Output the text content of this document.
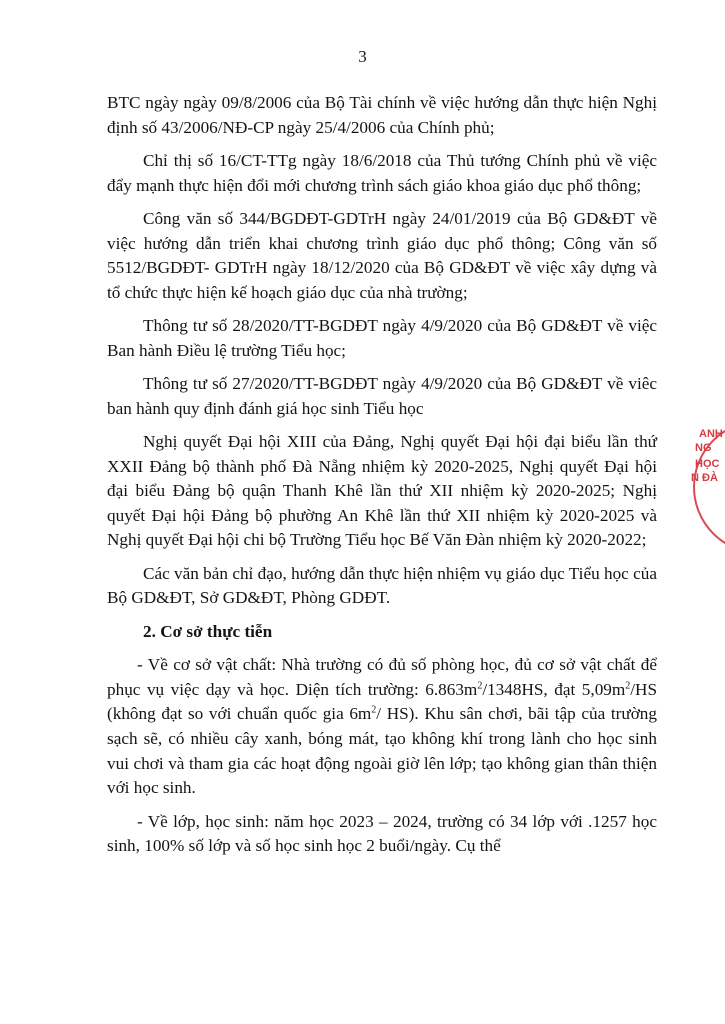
3

BTC ngày ngày 09/8/2006 của Bộ Tài chính về việc hướng dẫn thực hiện Nghị định số 43/2006/NĐ-CP ngày 25/4/2006 của Chính phủ;

Chỉ thị số 16/CT-TTg ngày 18/6/2018 của Thủ tướng Chính phủ về việc đẩy mạnh thực hiện đổi mới chương trình sách giáo khoa giáo dục phổ thông;

Công văn số 344/BGDĐT-GDTrH ngày 24/01/2019 của Bộ GD&ĐT về việc hướng dẫn triển khai chương trình giáo dục phổ thông; Công văn số 5512/BGDĐT- GDTrH ngày 18/12/2020 của Bộ GD&ĐT về việc xây dựng và tổ chức thực hiện kế hoạch giáo dục của nhà trường;

Thông tư số 28/2020/TT-BGDĐT ngày 4/9/2020 của Bộ GD&ĐT về việc Ban hành Điều lệ trường Tiểu học;

Thông tư số 27/2020/TT-BGDĐT ngày 4/9/2020 của Bộ GD&ĐT về viêc ban hành quy định đánh giá học sinh Tiểu học

Nghị quyết Đại hội XIII của Đảng, Nghị quyết Đại hội đại biểu lần thứ XXII Đảng bộ thành phố Đà Nẵng nhiệm kỳ 2020-2025, Nghị quyết Đại hội đại biểu Đảng bộ quận Thanh Khê lần thứ XII nhiệm kỳ 2020-2025; Nghị quyết Đại hội Đảng bộ phường An Khê lần thứ XII nhiệm kỳ 2020-2025 và Nghị quyết Đại hội chi bộ Trường Tiểu học Bế Văn Đàn nhiệm kỳ 2020-2022;

Các văn bản chỉ đạo, hướng dẫn thực hiện nhiệm vụ giáo dục Tiểu học của Bộ GD&ĐT, Sở GD&ĐT, Phòng GDĐT.

2. Cơ sở thực tiễn

- Về cơ sở vật chất: Nhà trường có đủ số phòng học, đủ cơ sở vật chất để phục vụ việc dạy và học. Diện tích trường: $6.863m^2/1348HS$, đạt $5,09m^2/HS$ (không đạt so với chuẩn quốc gia $6m^2/$ HS). Khu sân chơi, bãi tập của trường sạch sẽ, có nhiều cây xanh, bóng mát, tạo không khí trong lành cho học sinh vui chơi và tham gia các hoạt động ngoài giờ lên lớp; tạo không gian thân thiện với học sinh.

- Về lớp, học sinh: năm học 2023 – 2024, trường có 34 lớp với .1257 học sinh, 100% số lớp và số học sinh học 2 buổi/ngày. Cụ thể

ANH
NG
HỌC
N ĐÀ
